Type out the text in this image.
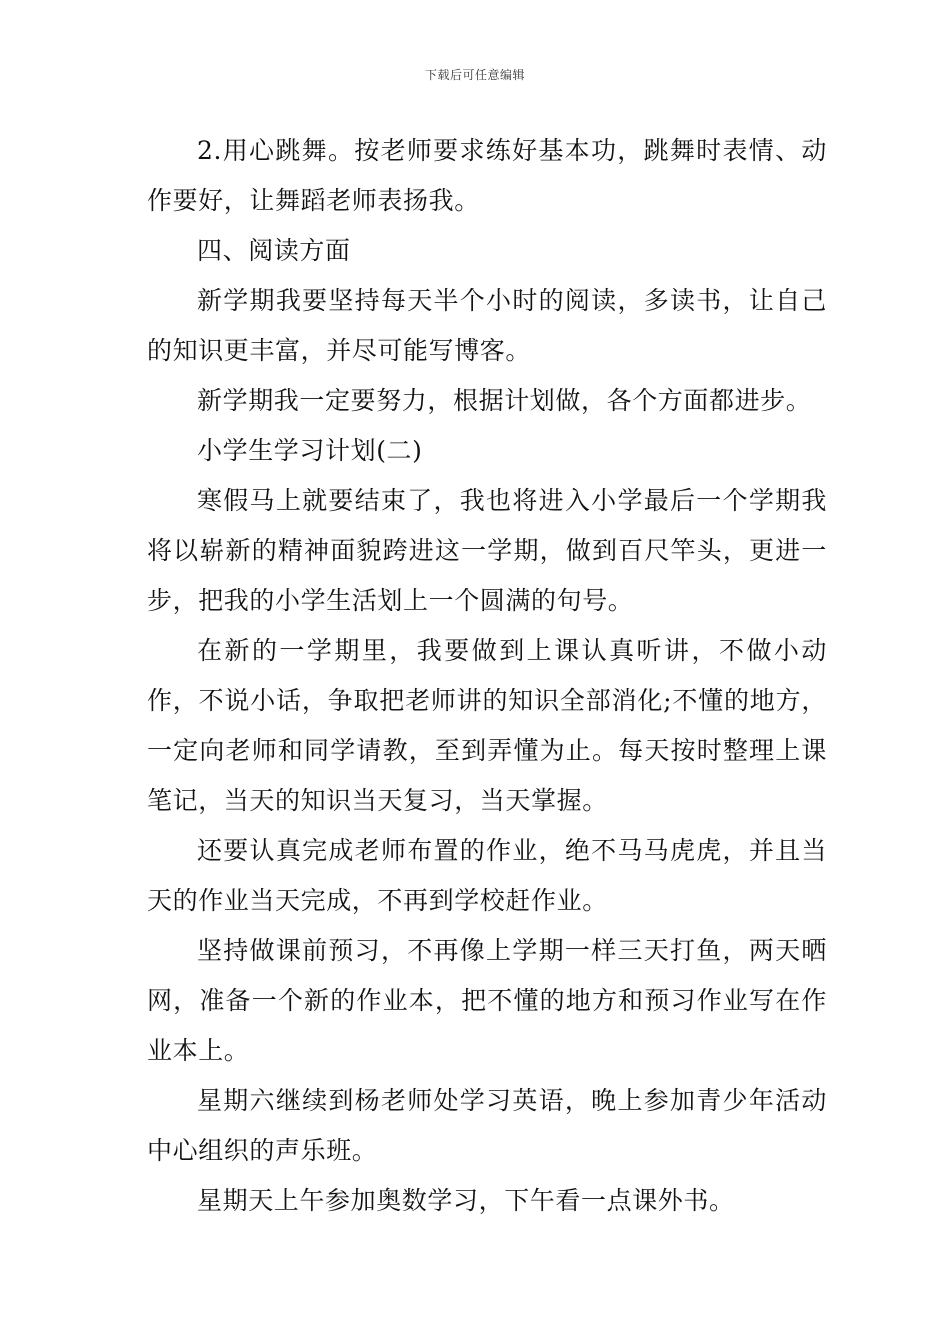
下载后可任意编辑

2.用心跳舞。按老师要求练好基本功，跳舞时表情、动作要好，让舞蹈老师表扬我。

四、阅读方面

新学期我要坚持每天半个小时的阅读，多读书，让自己的知识更丰富，并尽可能写博客。

新学期我一定要努力，根据计划做，各个方面都进步。

小学生学习计划(二)

寒假马上就要结束了，我也将进入小学最后一个学期我将以崭新的精神面貌跨进这一学期，做到百尺竿头，更进一步，把我的小学生活划上一个圆满的句号。

在新的一学期里，我要做到上课认真听讲，不做小动作，不说小话，争取把老师讲的知识全部消化;不懂的地方，一定向老师和同学请教，至到弄懂为止。每天按时整理上课笔记，当天的知识当天复习，当天掌握。

还要认真完成老师布置的作业，绝不马马虎虎，并且当天的作业当天完成，不再到学校赶作业。

坚持做课前预习，不再像上学期一样三天打鱼，两天晒网，准备一个新的作业本，把不懂的地方和预习作业写在作业本上。

星期六继续到杨老师处学习英语，晚上参加青少年活动中心组织的声乐班。

星期天上午参加奥数学习，下午看一点课外书。
